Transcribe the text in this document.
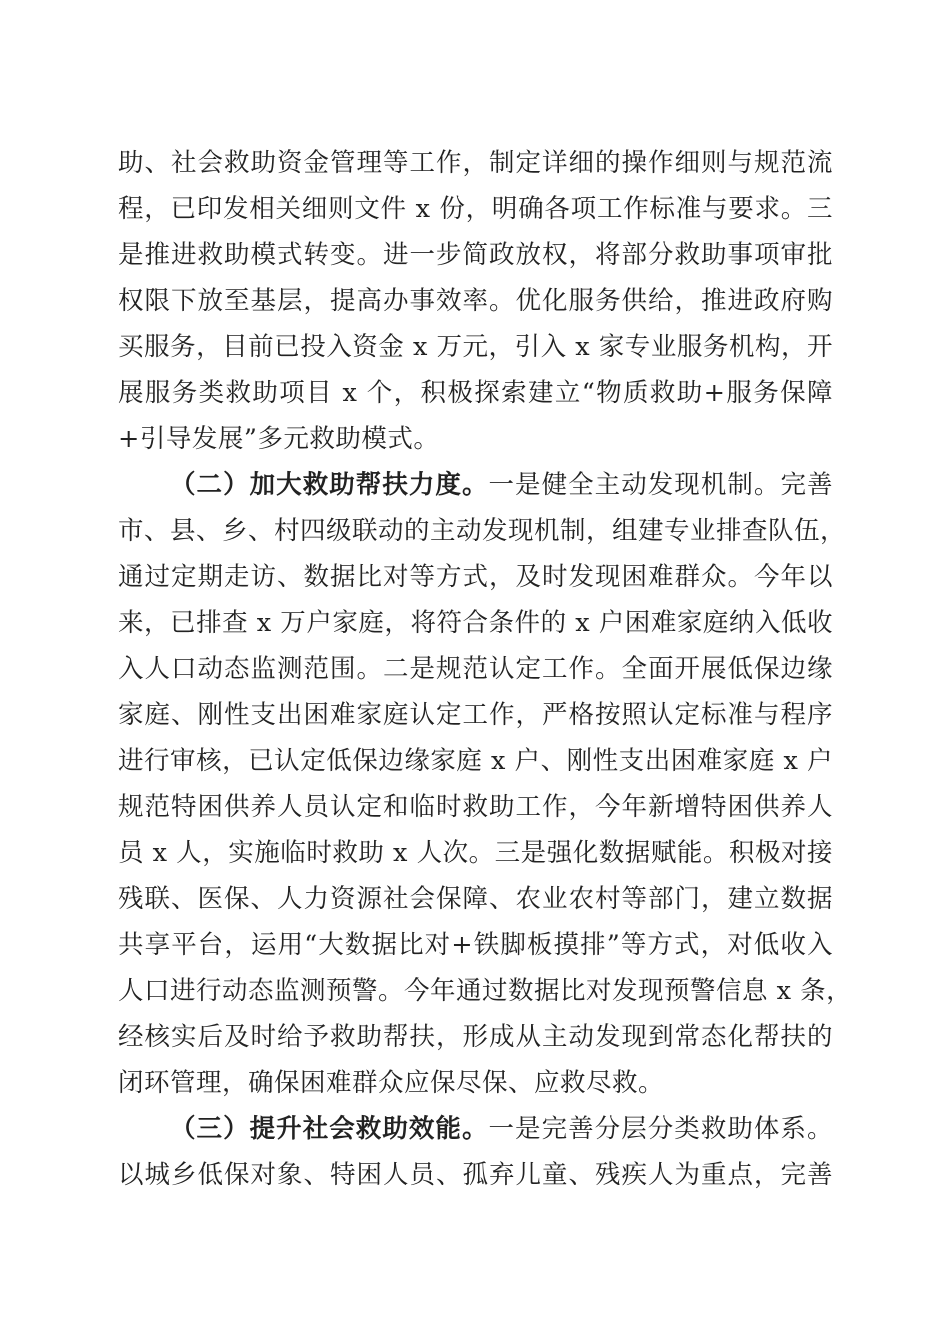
助、社会救助资金管理等工作，制定详细的操作细则与规范流
程，已印发相关细则文件 x 份，明确各项工作标准与要求。三
是推进救助模式转变。进一步简政放权，将部分救助事项审批
权限下放至基层，提高办事效率。优化服务供给，推进政府购
买服务，目前已投入资金 x 万元，引入 x 家专业服务机构，开
展服务类救助项目 x 个，积极探索建立“物质救助+服务保障
+引导发展”多元救助模式。
（二）加大救助帮扶力度。一是健全主动发现机制。完善
市、县、乡、村四级联动的主动发现机制，组建专业排查队伍，
通过定期走访、数据比对等方式，及时发现困难群众。今年以
来，已排查 x 万户家庭，将符合条件的 x 户困难家庭纳入低收
入人口动态监测范围。二是规范认定工作。全面开展低保边缘
家庭、刚性支出困难家庭认定工作，严格按照认定标准与程序
进行审核，已认定低保边缘家庭 x 户、刚性支出困难家庭 x 户
规范特困供养人员认定和临时救助工作，今年新增特困供养人
员 x 人，实施临时救助 x 人次。三是强化数据赋能。积极对接
残联、医保、人力资源社会保障、农业农村等部门，建立数据
共享平台，运用“大数据比对+铁脚板摸排”等方式，对低收入
人口进行动态监测预警。今年通过数据比对发现预警信息 x 条，
经核实后及时给予救助帮扶，形成从主动发现到常态化帮扶的
闭环管理，确保困难群众应保尽保、应救尽救。
（三）提升社会救助效能。一是完善分层分类救助体系。
以城乡低保对象、特困人员、孤弃儿童、残疾人为重点，完善
